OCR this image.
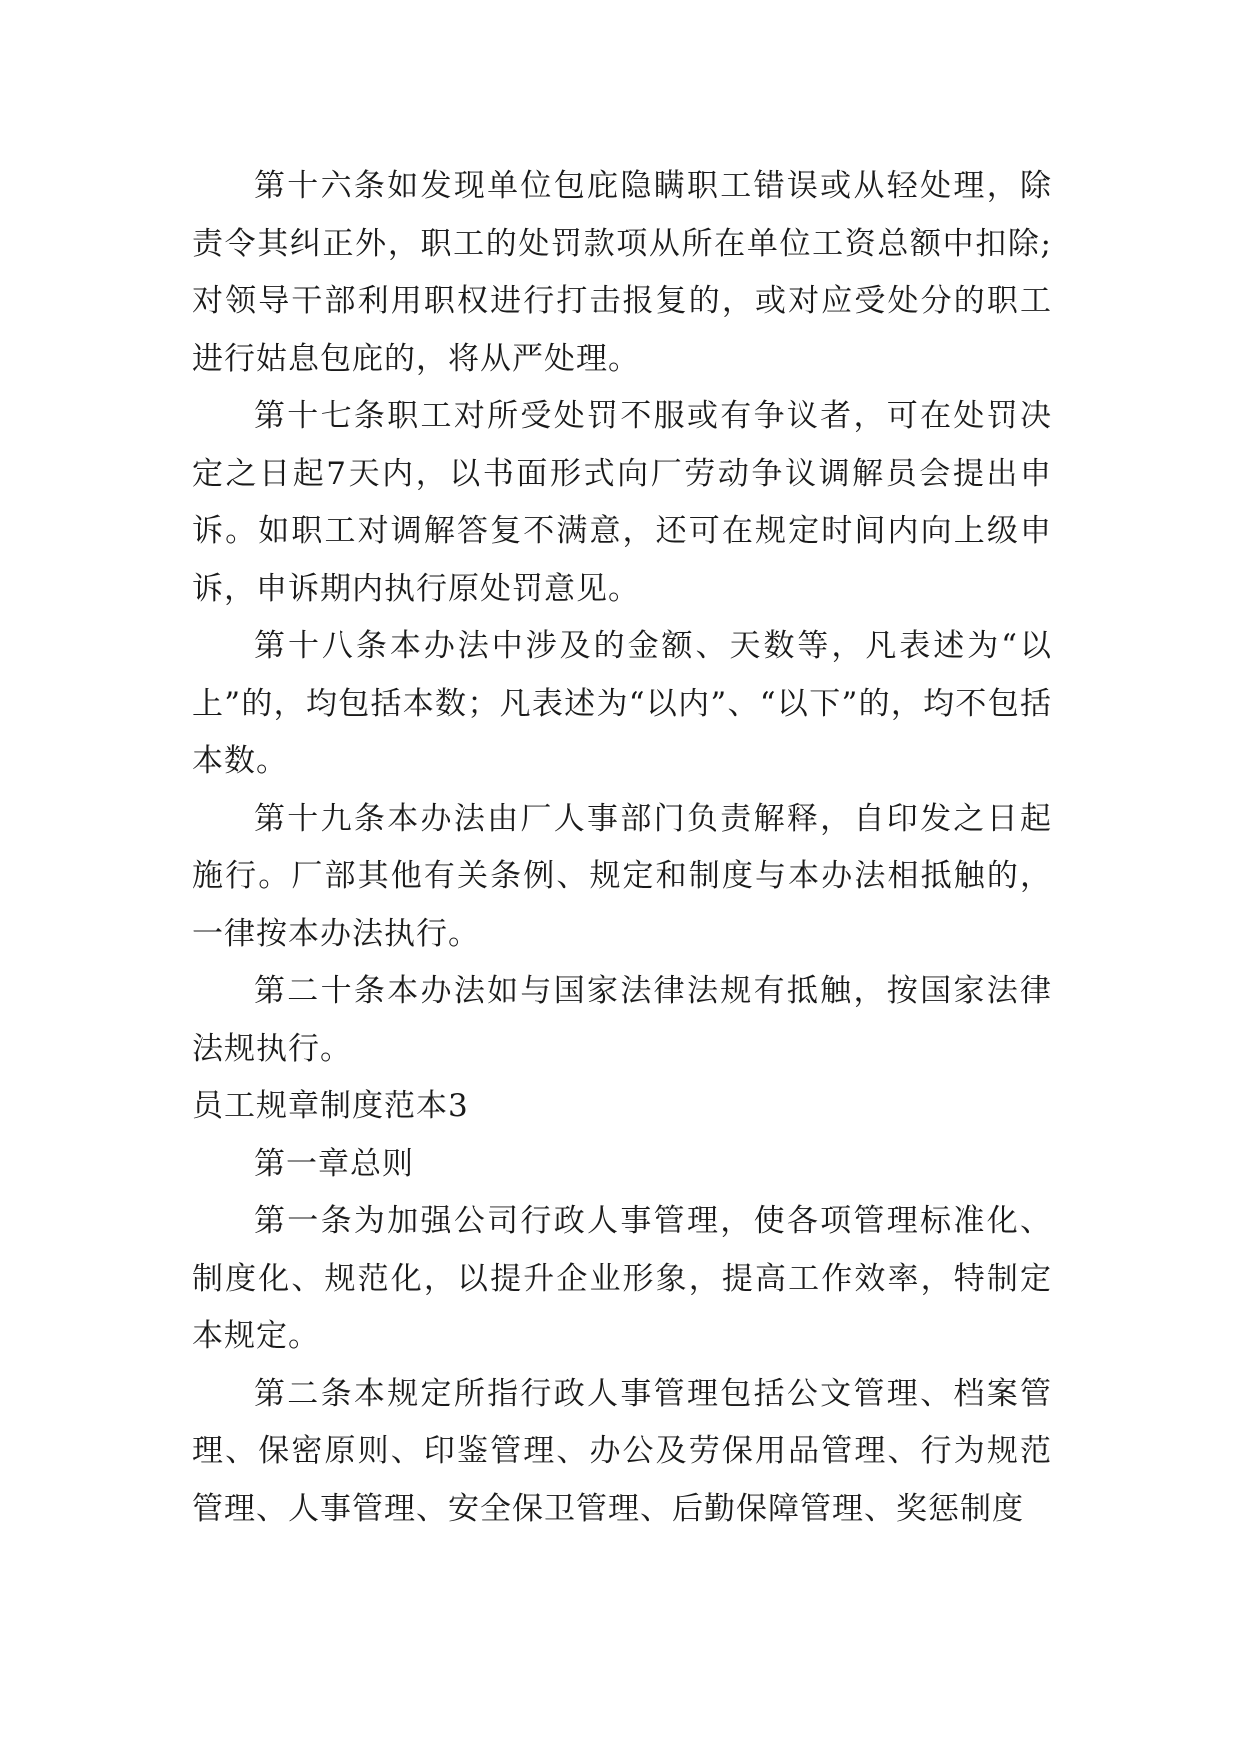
第十六条如发现单位包庇隐瞒职工错误或从轻处理，除责令其纠正外，职工的处罚款项从所在单位工资总额中扣除;对领导干部利用职权进行打击报复的，或对应受处分的职工进行姑息包庇的，将从严处理。

第十七条职工对所受处罚不服或有争议者，可在处罚决定之日起7天内，以书面形式向厂劳动争议调解员会提出申诉。如职工对调解答复不满意，还可在规定时间内向上级申诉，申诉期内执行原处罚意见。

第十八条本办法中涉及的金额、天数等，凡表述为“以上”的，均包括本数；凡表述为“以内”、“以下”的，均不包括本数。

第十九条本办法由厂人事部门负责解释，自印发之日起施行。厂部其他有关条例、规定和制度与本办法相抵触的，一律按本办法执行。

第二十条本办法如与国家法律法规有抵触，按国家法律法规执行。

员工规章制度范本3

第一章总则

第一条为加强公司行政人事管理，使各项管理标准化、制度化、规范化，以提升企业形象，提高工作效率，特制定本规定。

第二条本规定所指行政人事管理包括公文管理、档案管理、保密原则、印鉴管理、办公及劳保用品管理、行为规范管理、人事管理、安全保卫管理、后勤保障管理、奖惩制度
